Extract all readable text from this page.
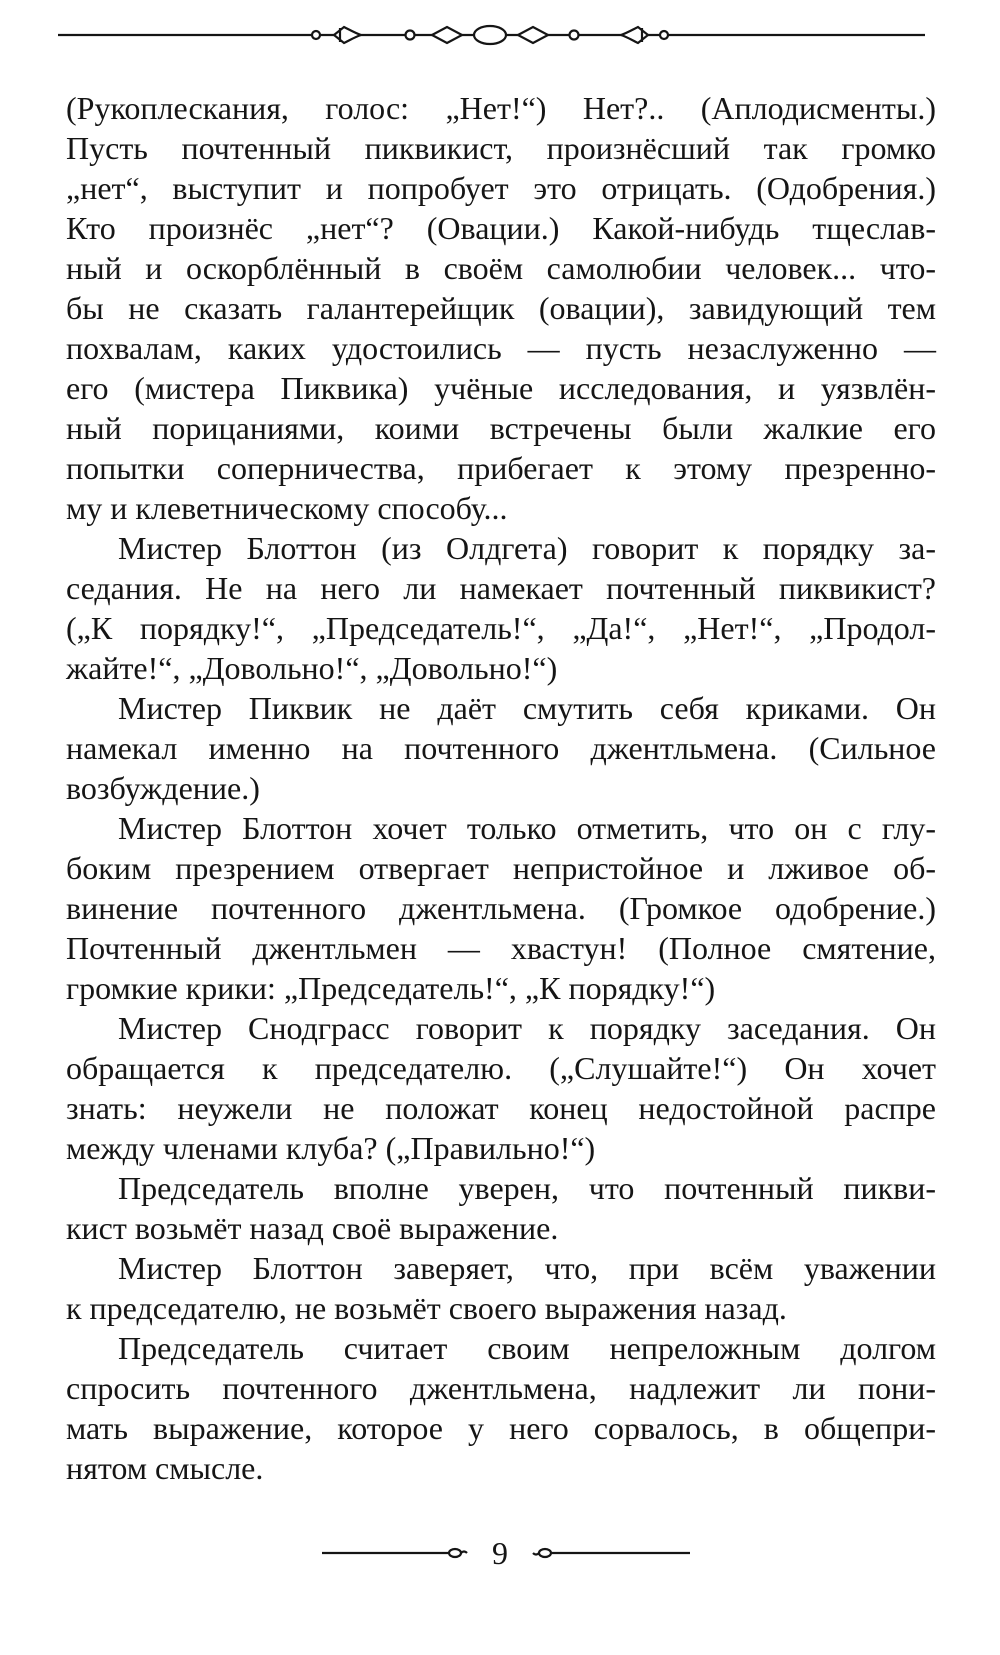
(Рукоплескания, голос: „Нет!“) Нет?.. (Аплодисменты.)
Пусть почтенный пиквикист, произнёсший так громко
„нет“, выступит и попробует это отрицать. (Одобрения.)
Кто произнёс „нет“? (Овации.) Какой-нибудь тщеслав-
ный и оскорблённый в своём самолюбии человек... что-
бы не сказать галантерейщик (овации), завидующий тем
похвалам, каких удостоились — пусть незаслуженно —
его (мистера Пиквика) учёные исследования, и уязвлён-
ный порицаниями, коими встречены были жалкие его
попытки соперничества, прибегает к этому презренно-
му и клеветническому способу...
Мистер Блоттон (из Олдгета) говорит к порядку за-
седания. Не на него ли намекает почтенный пиквикист?
(„К порядку!“, „Председатель!“, „Да!“, „Нет!“, „Продол-
жайте!“, „Довольно!“, „Довольно!“)
Мистер Пиквик не даёт смутить себя криками. Он
намекал именно на почтенного джентльмена. (Сильное
возбуждение.)
Мистер Блоттон хочет только отметить, что он с глу-
боким презрением отвергает непристойное и лживое об-
винение почтенного джентльмена. (Громкое одобрение.)
Почтенный джентльмен — хвастун! (Полное смятение,
громкие крики: „Председатель!“, „К порядку!“)
Мистер Снодграсс говорит к порядку заседания. Он
обращается к председателю. („Слушайте!“) Он хочет
знать: неужели не положат конец недостойной распре
между членами клуба? („Правильно!“)
Председатель вполне уверен, что почтенный пикви-
кист возьмёт назад своё выражение.
Мистер Блоттон заверяет, что, при всём уважении
к председателю, не возьмёт своего выражения назад.
Председатель считает своим непреложным долгом
спросить почтенного джентльмена, надлежит ли пони-
мать выражение, которое у него сорвалось, в общепри-
нятом смысле.
9
